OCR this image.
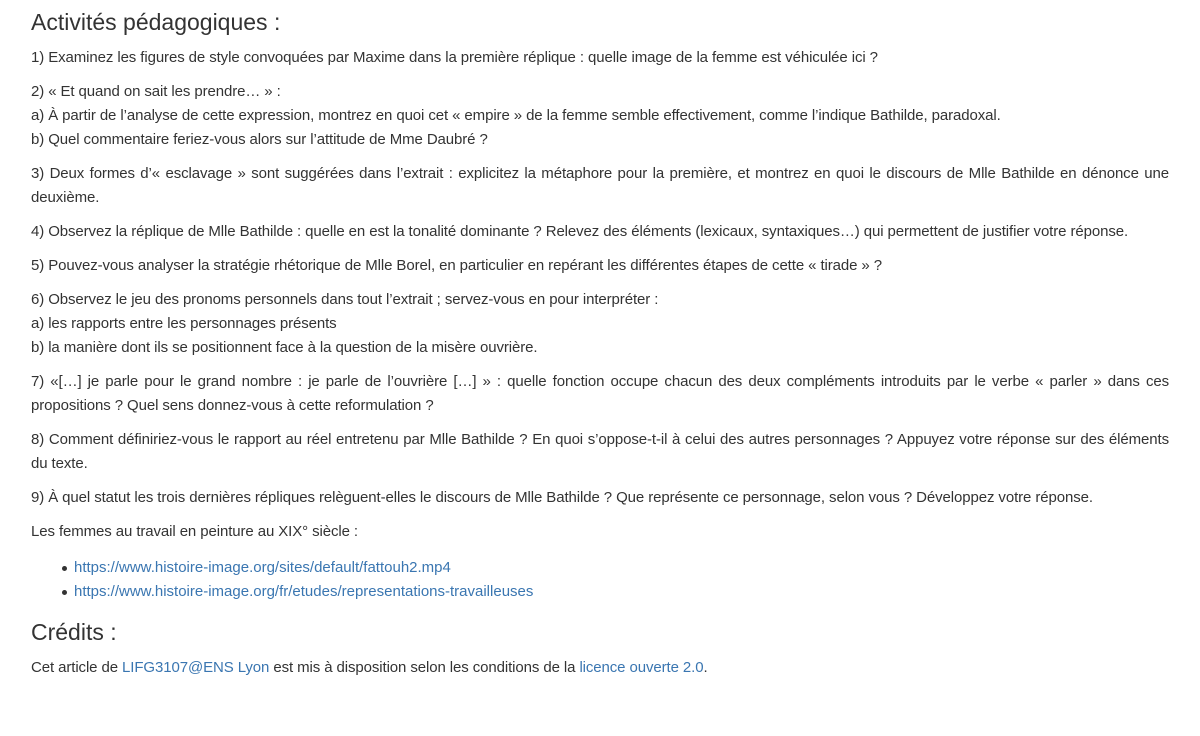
Activités pédagogiques :

1) Examinez les figures de style convoquées par Maxime dans la première réplique : quelle image de la femme est véhiculée ici ?

2) « Et quand on sait les prendre… » :
a) À partir de l’analyse de cette expression, montrez en quoi cet « empire » de la femme semble effectivement, comme l’indique Bathilde, paradoxal.
b) Quel commentaire feriez-vous alors sur l’attitude de Mme Daubré ?

3) Deux formes d’« esclavage » sont suggérées dans l’extrait : explicitez la métaphore pour la première, et montrez en quoi le discours de Mlle Bathilde en dénonce une deuxième.

4) Observez la réplique de Mlle Bathilde : quelle en est la tonalité dominante ? Relevez des éléments (lexicaux, syntaxiques…) qui permettent de justifier votre réponse.

5) Pouvez-vous analyser la stratégie rhétorique de Mlle Borel, en particulier en repérant les différentes étapes de cette « tirade » ?

6) Observez le jeu des pronoms personnels dans tout l’extrait ; servez-vous en pour interpréter :
a) les rapports entre les personnages présents
b) la manière dont ils se positionnent face à la question de la misère ouvrière.

7) «[…] je parle pour le grand nombre : je parle de l’ouvrière […] » : quelle fonction occupe chacun des deux compléments introduits par le verbe « parler » dans ces propositions ? Quel sens donnez-vous à cette reformulation ?

8) Comment définiriez-vous le rapport au réel entretenu par Mlle Bathilde ? En quoi s’oppose-t-il à celui des autres personnages ? Appuyez votre réponse sur des éléments du texte.

9) À quel statut les trois dernières répliques relèguent-elles le discours de Mlle Bathilde ? Que représente ce personnage, selon vous ? Développez votre réponse.

Les femmes au travail en peinture au XIX° siècle :

https://www.histoire-image.org/sites/default/fattouh2.mp4
https://www.histoire-image.org/fr/etudes/representations-travailleuses
Crédits :

Cet article de LIFG3107@ENS Lyon est mis à disposition selon les conditions de la licence ouverte 2.0.
